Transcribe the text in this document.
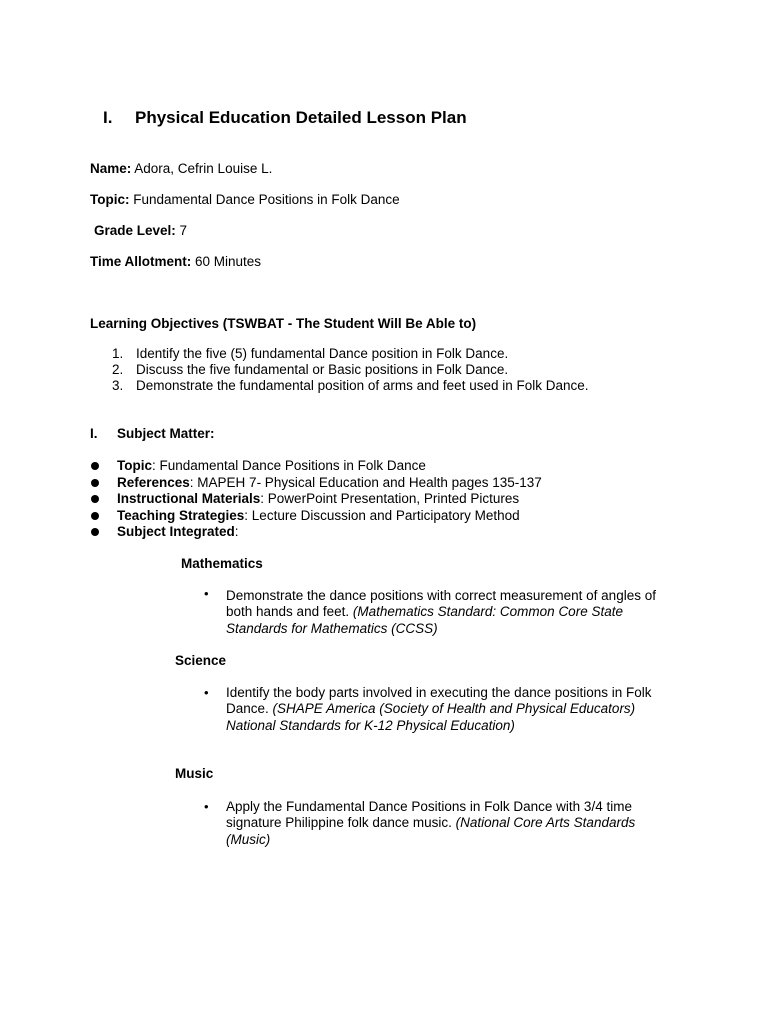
I. Physical Education Detailed Lesson Plan
Name: Adora, Cefrin Louise L.
Topic: Fundamental Dance Positions in Folk Dance
Grade Level: 7
Time Allotment: 60 Minutes
Learning Objectives (TSWBAT - The Student Will Be Able to)
1. Identify the five (5) fundamental Dance position in Folk Dance.
2. Discuss the five fundamental or Basic positions in Folk Dance.
3. Demonstrate the fundamental position of arms and feet used in Folk Dance.
I. Subject Matter:
Topic: Fundamental Dance Positions in Folk Dance
References: MAPEH 7- Physical Education and Health pages 135-137
Instructional Materials: PowerPoint Presentation, Printed Pictures
Teaching Strategies: Lecture Discussion and Participatory Method
Subject Integrated:
Mathematics
• Demonstrate the dance positions with correct measurement of angles of both hands and feet. (Mathematics Standard: Common Core State Standards for Mathematics (CCSS)
Science
• Identify the body parts involved in executing the dance positions in Folk Dance. (SHAPE America (Society of Health and Physical Educators) National Standards for K-12 Physical Education)
Music
• Apply the Fundamental Dance Positions in Folk Dance with 3/4 time signature Philippine folk dance music. (National Core Arts Standards (Music)
